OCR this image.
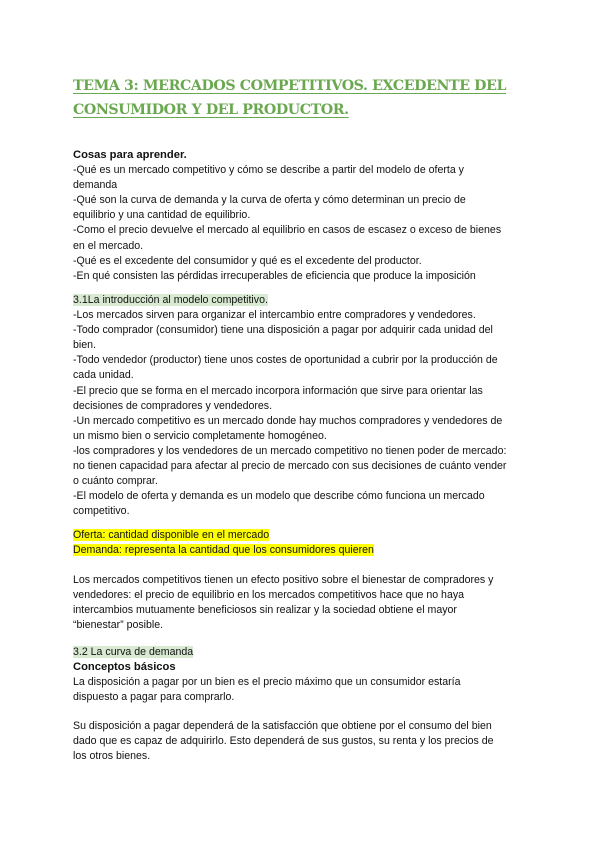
TEMA 3: MERCADOS COMPETITIVOS. EXCEDENTE DEL
CONSUMIDOR Y DEL PRODUCTOR.
Cosas para aprender.
-Qué es un mercado competitivo y cómo se describe a partir del modelo de oferta y
demanda
-Qué son la curva de demanda y la curva de oferta y cómo determinan un precio de
equilibrio y una cantidad de equilibrio.
-Como el precio devuelve el mercado al equilibrio en casos de escasez o exceso de bienes
en el mercado.
-Qué es el excedente del consumidor y qué es el excedente del productor.
-En qué consisten las pérdidas irrecuperables de eficiencia que produce la imposición
3.1La introducción al modelo competitivo.
-Los mercados sirven para organizar el intercambio entre compradores y vendedores.
-Todo comprador (consumidor) tiene una disposición a pagar por adquirir cada unidad del
bien.
-Todo vendedor (productor) tiene unos costes de oportunidad a cubrir por la producción de
cada unidad.
-El precio que se forma en el mercado incorpora información que sirve para orientar las
decisiones de compradores y vendedores.
-Un mercado competitivo es un mercado donde hay muchos compradores y vendedores de
un mismo bien o servicio completamente homogéneo.
-los compradores y los vendedores de un mercado competitivo no tienen poder de mercado:
no tienen capacidad para afectar al precio de mercado con sus decisiones de cuánto vender
o cuánto comprar.
-El modelo de oferta y demanda es un modelo que describe cómo funciona un mercado
competitivo.
Oferta: cantidad disponible en el mercado
Demanda: representa la cantidad que los consumidores quieren
Los mercados competitivos tienen un efecto positivo sobre el bienestar de compradores y
vendedores: el precio de equilibrio en los mercados competitivos hace que no haya
intercambios mutuamente beneficiosos sin realizar y la sociedad obtiene el mayor
“bienestar” posible.
3.2 La curva de demanda
Conceptos básicos
La disposición a pagar por un bien es el precio máximo que un consumidor estaría
dispuesto a pagar para comprarlo.
Su disposición a pagar dependerá de la satisfacción que obtiene por el consumo del bien
dado que es capaz de adquirirlo. Esto dependerá de sus gustos, su renta y los precios de
los otros bienes.
